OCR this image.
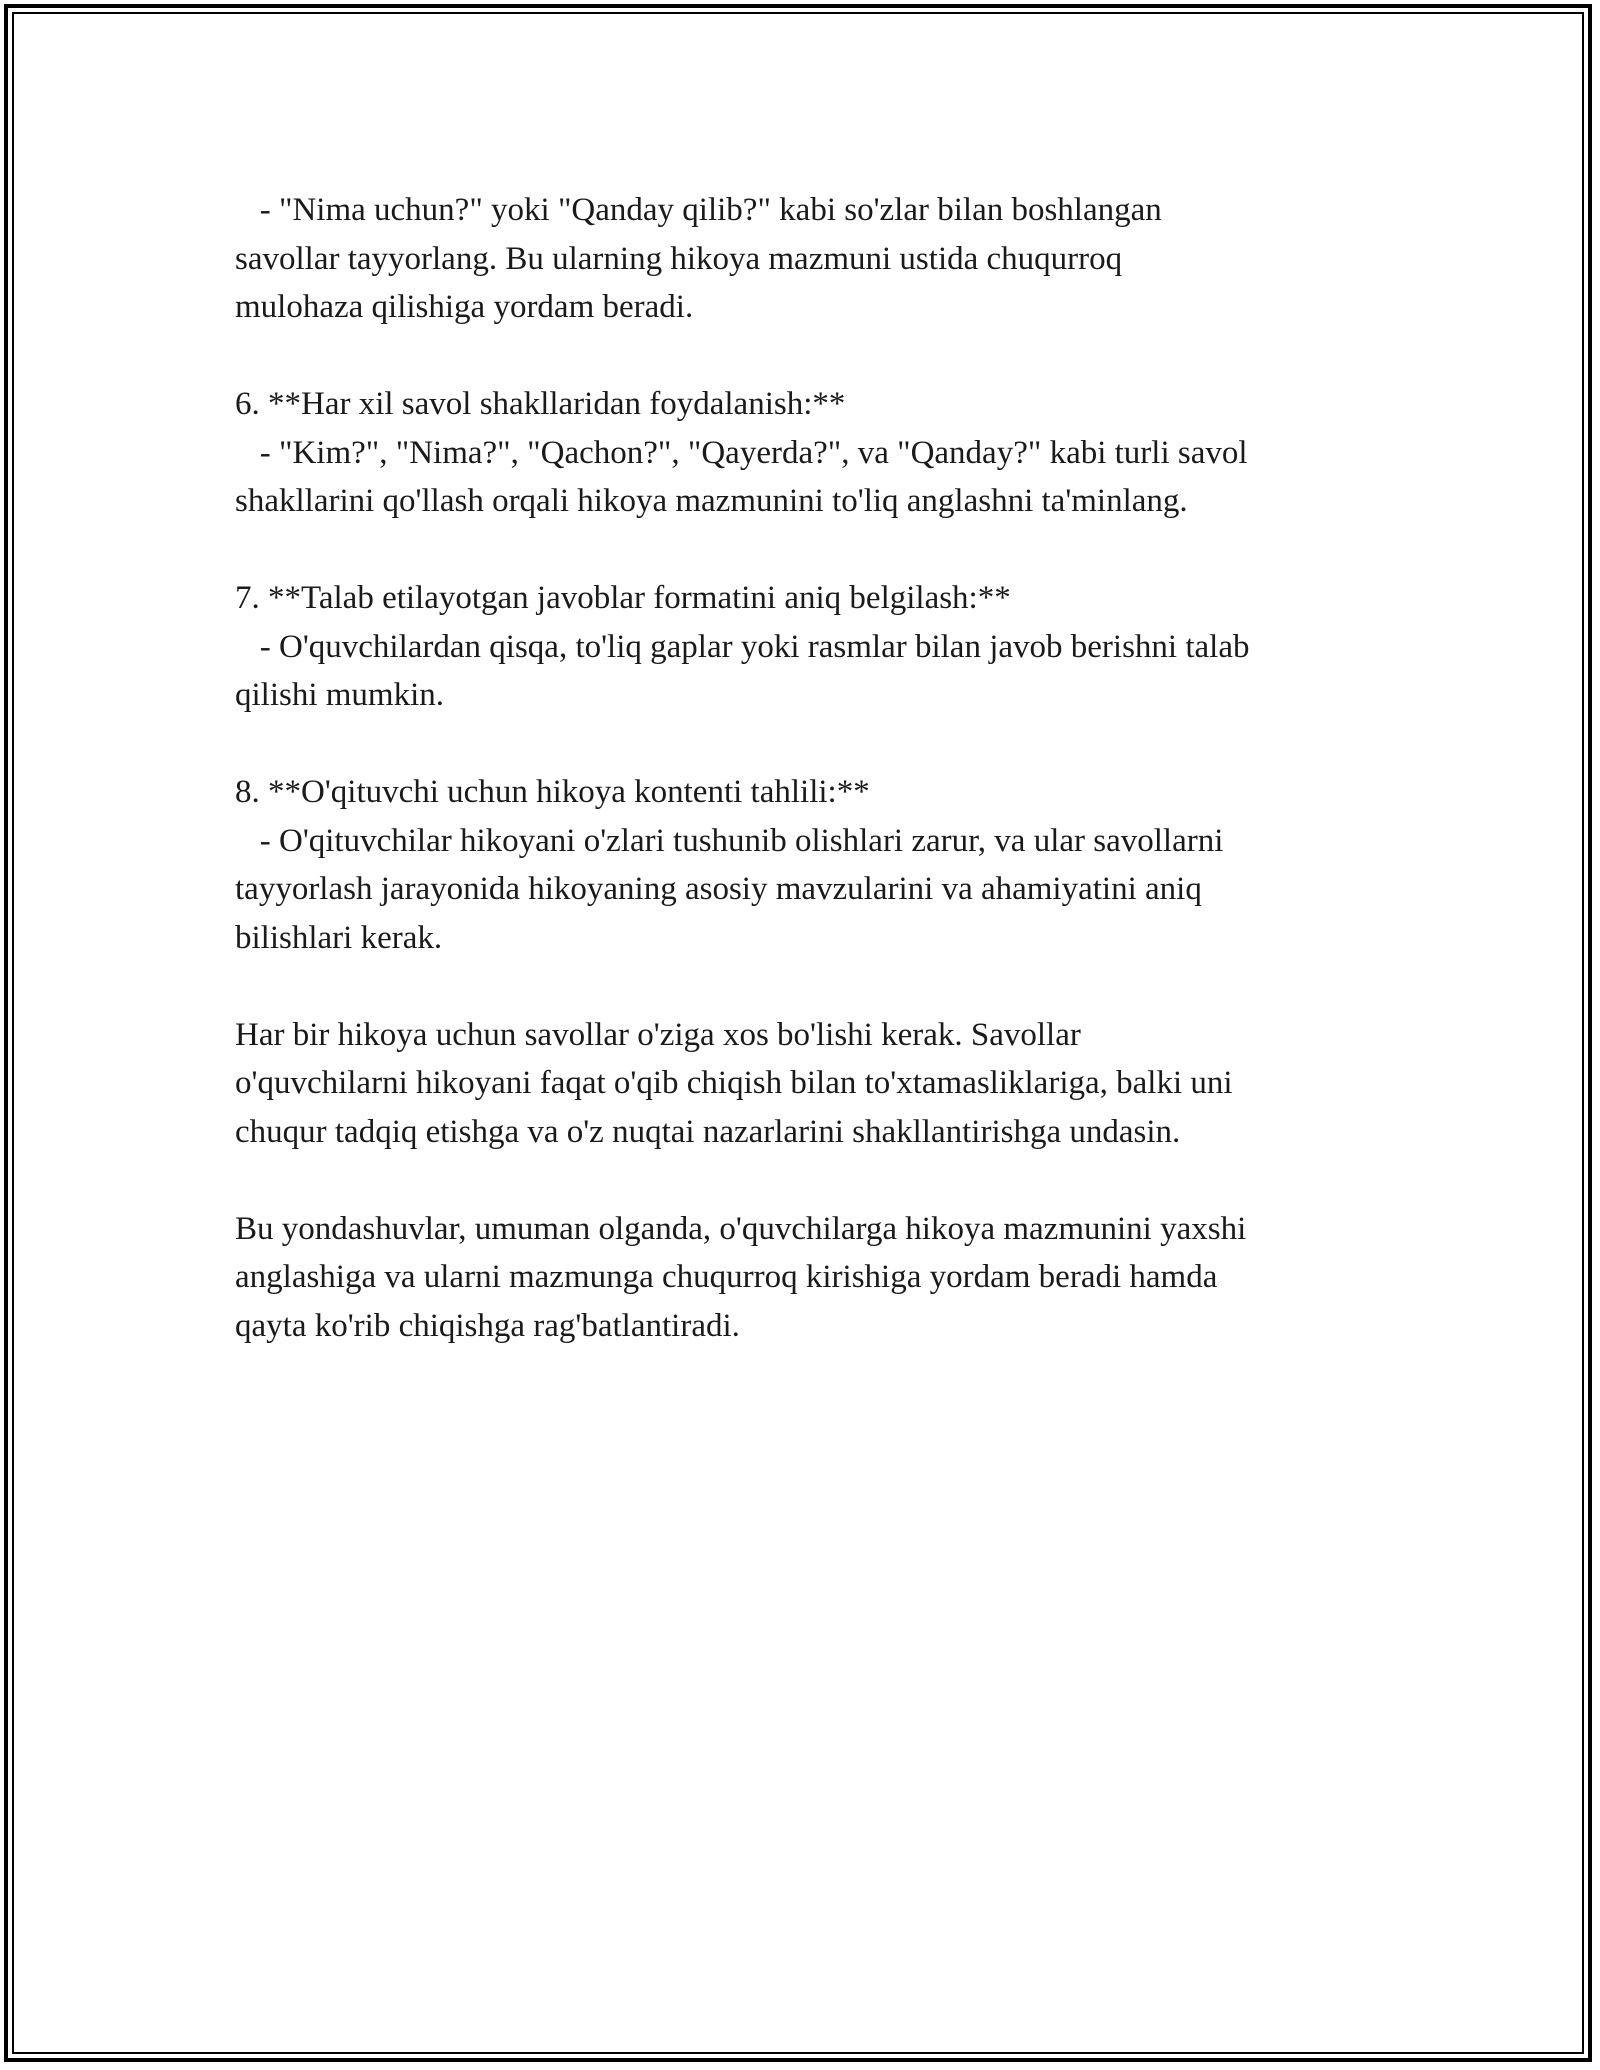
- "Nima uchun?" yoki "Qanday qilib?" kabi so'zlar bilan boshlangan
savollar tayyorlang. Bu ularning hikoya mazmuni ustida chuqurroq
mulohaza qilishiga yordam beradi.
6. **Har xil savol shakllaridan foydalanish:**
- "Kim?", "Nima?", "Qachon?", "Qayerda?", va "Qanday?" kabi turli savol
shakllarini qo'llash orqali hikoya mazmunini to'liq anglashni ta'minlang.
7. **Talab etilayotgan javoblar formatini aniq belgilash:**
- O'quvchilardan qisqa, to'liq gaplar yoki rasmlar bilan javob berishni talab
qilishi mumkin.
8. **O'qituvchi uchun hikoya kontenti tahlili:**
- O'qituvchilar hikoyani o'zlari tushunib olishlari zarur, va ular savollarni
tayyorlash jarayonida hikoyaning asosiy mavzularini va ahamiyatini aniq
bilishlari kerak.
Har bir hikoya uchun savollar o'ziga xos bo'lishi kerak. Savollar
o'quvchilarni hikoyani faqat o'qib chiqish bilan to'xtamasliklariga, balki uni
chuqur tadqiq etishga va o'z nuqtai nazarlarini shakllantirishga undasin.
Bu yondashuvlar, umuman olganda, o'quvchilarga hikoya mazmunini yaxshi
anglashiga va ularni mazmunga chuqurroq kirishiga yordam beradi hamda
qayta ko'rib chiqishga rag'batlantiradi.
